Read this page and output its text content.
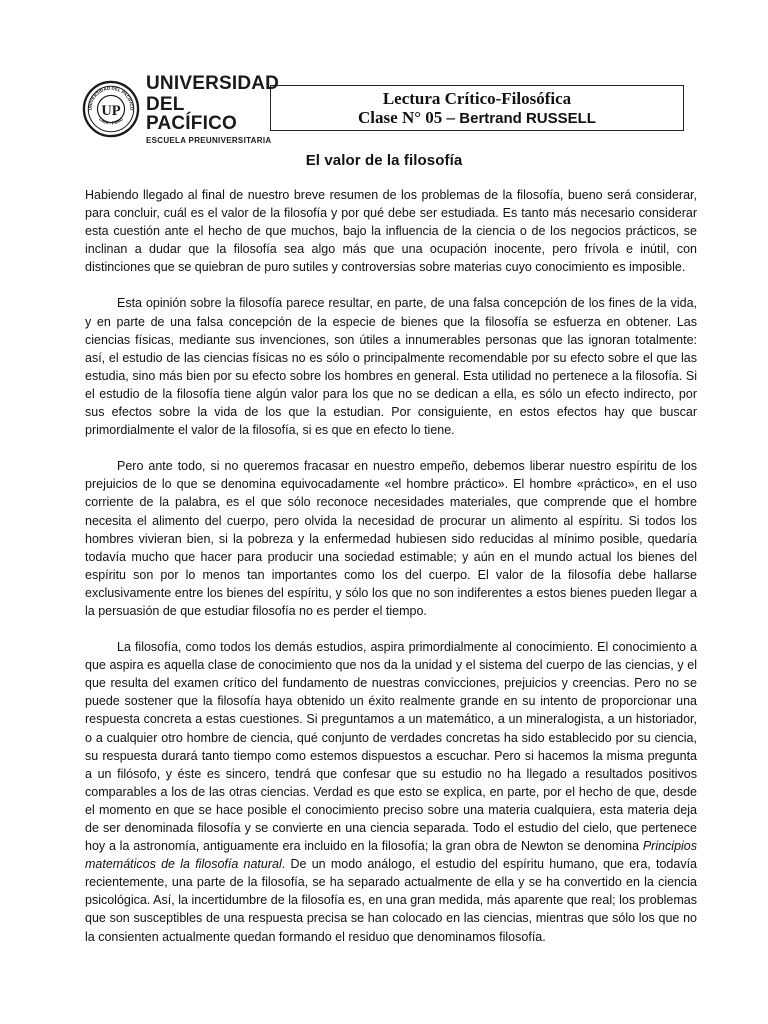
UNIVERSIDAD DEL PACIFICO
LIMA - PERU
UP
UNIVERSIDAD
DEL PACÍFICO
ESCUELA PREUNIVERSITARIA
Lectura Crítico-Filosófica
Clase N° 05 – Bertrand RUSSELL
El valor de la filosofía

Habiendo llegado al final de nuestro breve resumen de los problemas de la filosofía, bueno será considerar, para concluir, cuál es el valor de la filosofía y por qué debe ser estudiada. Es tanto más necesario considerar esta cuestión ante el hecho de que muchos, bajo la influencia de la ciencia o de los negocios prácticos, se inclinan a dudar que la filosofía sea algo más que una ocupación inocente, pero frívola e inútil, con distinciones que se quiebran de puro sutiles y controversias sobre materias cuyo conocimiento es imposible.

Esta opinión sobre la filosofía parece resultar, en parte, de una falsa concepción de los fines de la vida, y en parte de una falsa concepción de la especie de bienes que la filosofía se esfuerza en obtener. Las ciencias físicas, mediante sus invenciones, son útiles a innumerables personas que las ignoran totalmente: así, el estudio de las ciencias físicas no es sólo o principalmente recomendable por su efecto sobre el que las estudia, sino más bien por su efecto sobre los hombres en general. Esta utilidad no pertenece a la filosofía. Si el estudio de la filosofía tiene algún valor para los que no se dedican a ella, es sólo un efecto indirecto, por sus efectos sobre la vida de los que la estudian. Por consiguiente, en estos efectos hay que buscar primordialmente el valor de la filosofía, si es que en efecto lo tiene.

Pero ante todo, si no queremos fracasar en nuestro empeño, debemos liberar nuestro espíritu de los prejuicios de lo que se denomina equivocadamente «el hombre práctico». El hombre «práctico», en el uso corriente de la palabra, es el que sólo reconoce necesidades materiales, que comprende que el hombre necesita el alimento del cuerpo, pero olvida la necesidad de procurar un alimento al espíritu. Si todos los hombres vivieran bien, si la pobreza y la enfermedad hubiesen sido reducidas al mínimo posible, quedaría todavía mucho que hacer para producir una sociedad estimable; y aún en el mundo actual los bienes del espíritu son por lo menos tan importantes como los del cuerpo. El valor de la filosofía debe hallarse exclusivamente entre los bienes del espíritu, y sólo los que no son indiferentes a estos bienes pueden llegar a la persuasión de que estudiar filosofía no es perder el tiempo.

La filosofía, como todos los demás estudios, aspira primordialmente al conocimiento. El conocimiento a que aspira es aquella clase de conocimiento que nos da la unidad y el sistema del cuerpo de las ciencias, y el que resulta del examen crítico del fundamento de nuestras convicciones, prejuicios y creencias. Pero no se puede sostener que la filosofía haya obtenido un éxito realmente grande en su intento de proporcionar una respuesta concreta a estas cuestiones. Si preguntamos a un matemático, a un mineralogista, a un historiador, o a cualquier otro hombre de ciencia, qué conjunto de verdades concretas ha sido establecido por su ciencia, su respuesta durará tanto tiempo como estemos dispuestos a escuchar. Pero si hacemos la misma pregunta a un filósofo, y éste es sincero, tendrá que confesar que su estudio no ha llegado a resultados positivos comparables a los de las otras ciencias. Verdad es que esto se explica, en parte, por el hecho de que, desde el momento en que se hace posible el conocimiento preciso sobre una materia cualquiera, esta materia deja de ser denominada filosofía y se convierte en una ciencia separada. Todo el estudio del cielo, que pertenece hoy a la astronomía, antiguamente era incluido en la filosofía; la gran obra de Newton se denomina Principios matemáticos de la filosofía natural. De un modo análogo, el estudio del espíritu humano, que era, todavía recientemente, una parte de la filosofía, se ha separado actualmente de ella y se ha convertido en la ciencia psicológica. Así, la incertidumbre de la filosofía es, en una gran medida, más aparente que real; los problemas que son susceptibles de una respuesta precisa se han colocado en las ciencias, mientras que sólo los que no la consienten actualmente quedan formando el residuo que denominamos filosofía.
